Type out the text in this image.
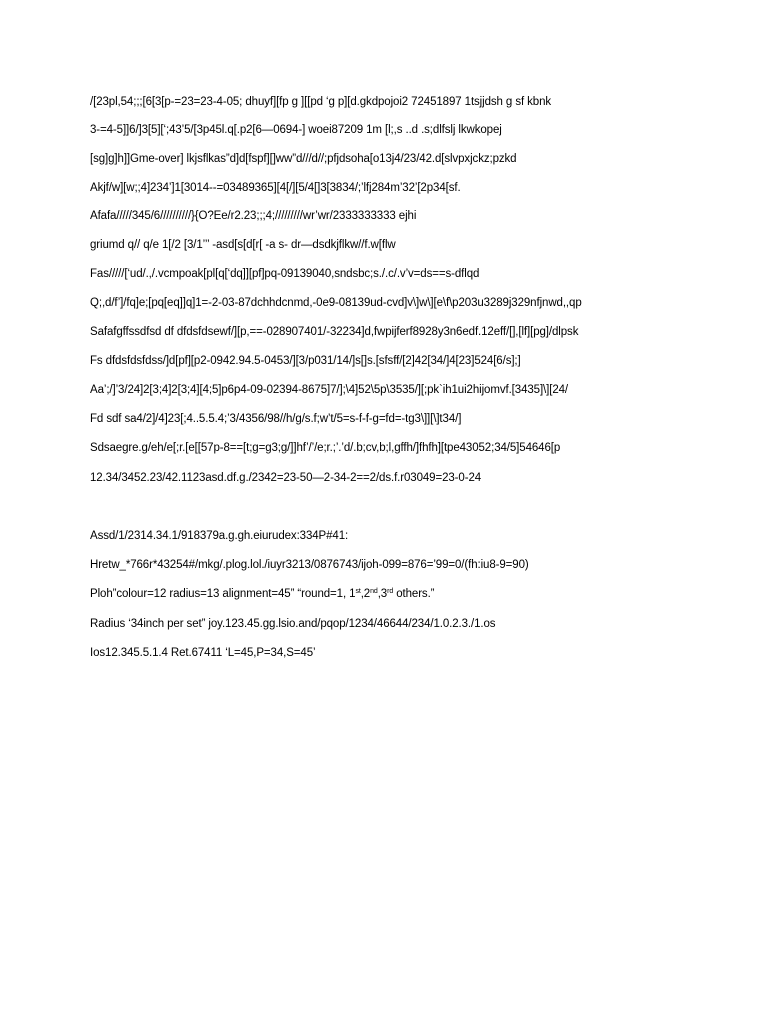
/[23pl,54;;;[6[3[p-=23=23-4-05; dhuyf][fp g ][[pd ‘g p][d.gkdpojoi2 72451897 1tsjjdsh g sf kbnk
3-=4-5]]6/]3[5][‘;43’5/[3p45l.q[.p2[6—0694-] woei87209 1m [l;,s ..d .s;dlfslj lkwkopej
[sg]g]h]]Gme-over] lkjsflkas”d]d[fspf][]ww”d///d//;pfjdsoha[o13j4/23/42.d[slvpxjckz;pzkd
Akjf/w][w;;4]234’]1[3014--=03489365][4[/][5/4[]3[3834/;’lfj284m’32’[2p34[sf.
Afafa/////345/6//////////}{O?Ee/r2.23;;;4;/////////wr’wr/2333333333 ejhi
griumd q// q/e 1[/2 [3/1’’’ -asd[s[d[r[ -a s- dr—dsdkjflkw//f.w[flw
Fas/////[‘ud/.,/.vcmpoak[pl[q[‘dq]][pf]pq-09139040,sndsbc;s./.c/.v’v=ds==s-dflqd
Q;,d/f’]/fq]e;[pq[eq]]q]1=-2-03-87dchhdcnmd,-0e9-08139ud-cvd]v\]w\][e\f\p203u3289j329nfjnwd,,qp
Safafgffssdfsd df dfdsfdsewf/][p,==-028907401/-32234]d,fwpijferf8928y3n6edf.12eff/[],[lf][pg]/dlpsk
Fs dfdsfdsfdss/]d[pf][p2-0942.94.5-0453/][3/p031/14/]s[]s.[sfsff/[2]42[34/]4[23]524[6/s];]
Aa’;/]’3/24]2[3;4]2[3;4][4;5]p6p4-09-02394-8675]7/];\4]52\5p\3535/][;pk`ih1ui2hijomvf.[3435]\][24/
Fd sdf sa4/2]/4]23[;4..5.5.4;’3/4356/98//h/g/s.f;w’t/5=s-f-f-g=fd=-tg3\]][\]t34/]
Sdsaegre.g/eh/e[;r.[e[[57p-8==[t;g=g3;g/]]hf’/’/e;r.;’.’d/.b;cv,b;l,gffh/]fhfh][tpe43052;34/5]54646[p
12.34/3452.23/42.1123asd.df.g./2342=23-50—2-34-2==2/ds.f.r03049=23-0-24
Assd/1/2314.34.1/918379a.g.gh.eiurudex:334P#41:
Hretw_*766r*43254#/mkg/.plog.lol./iuyr3213/0876743/ijoh-099=876=’99=0/(fh:iu8-9=90)
Ploh”colour=12 radius=13 alignment=45” “round=1, 1st,2nd,3rd others.”
Radius ‘34inch per set” joy.123.45.gg.lsio.and/pqop/1234/46644/234/1.0.2.3./1.os
Ios12.345.5.1.4 Ret.67411 ‘L=45,P=34,S=45’
